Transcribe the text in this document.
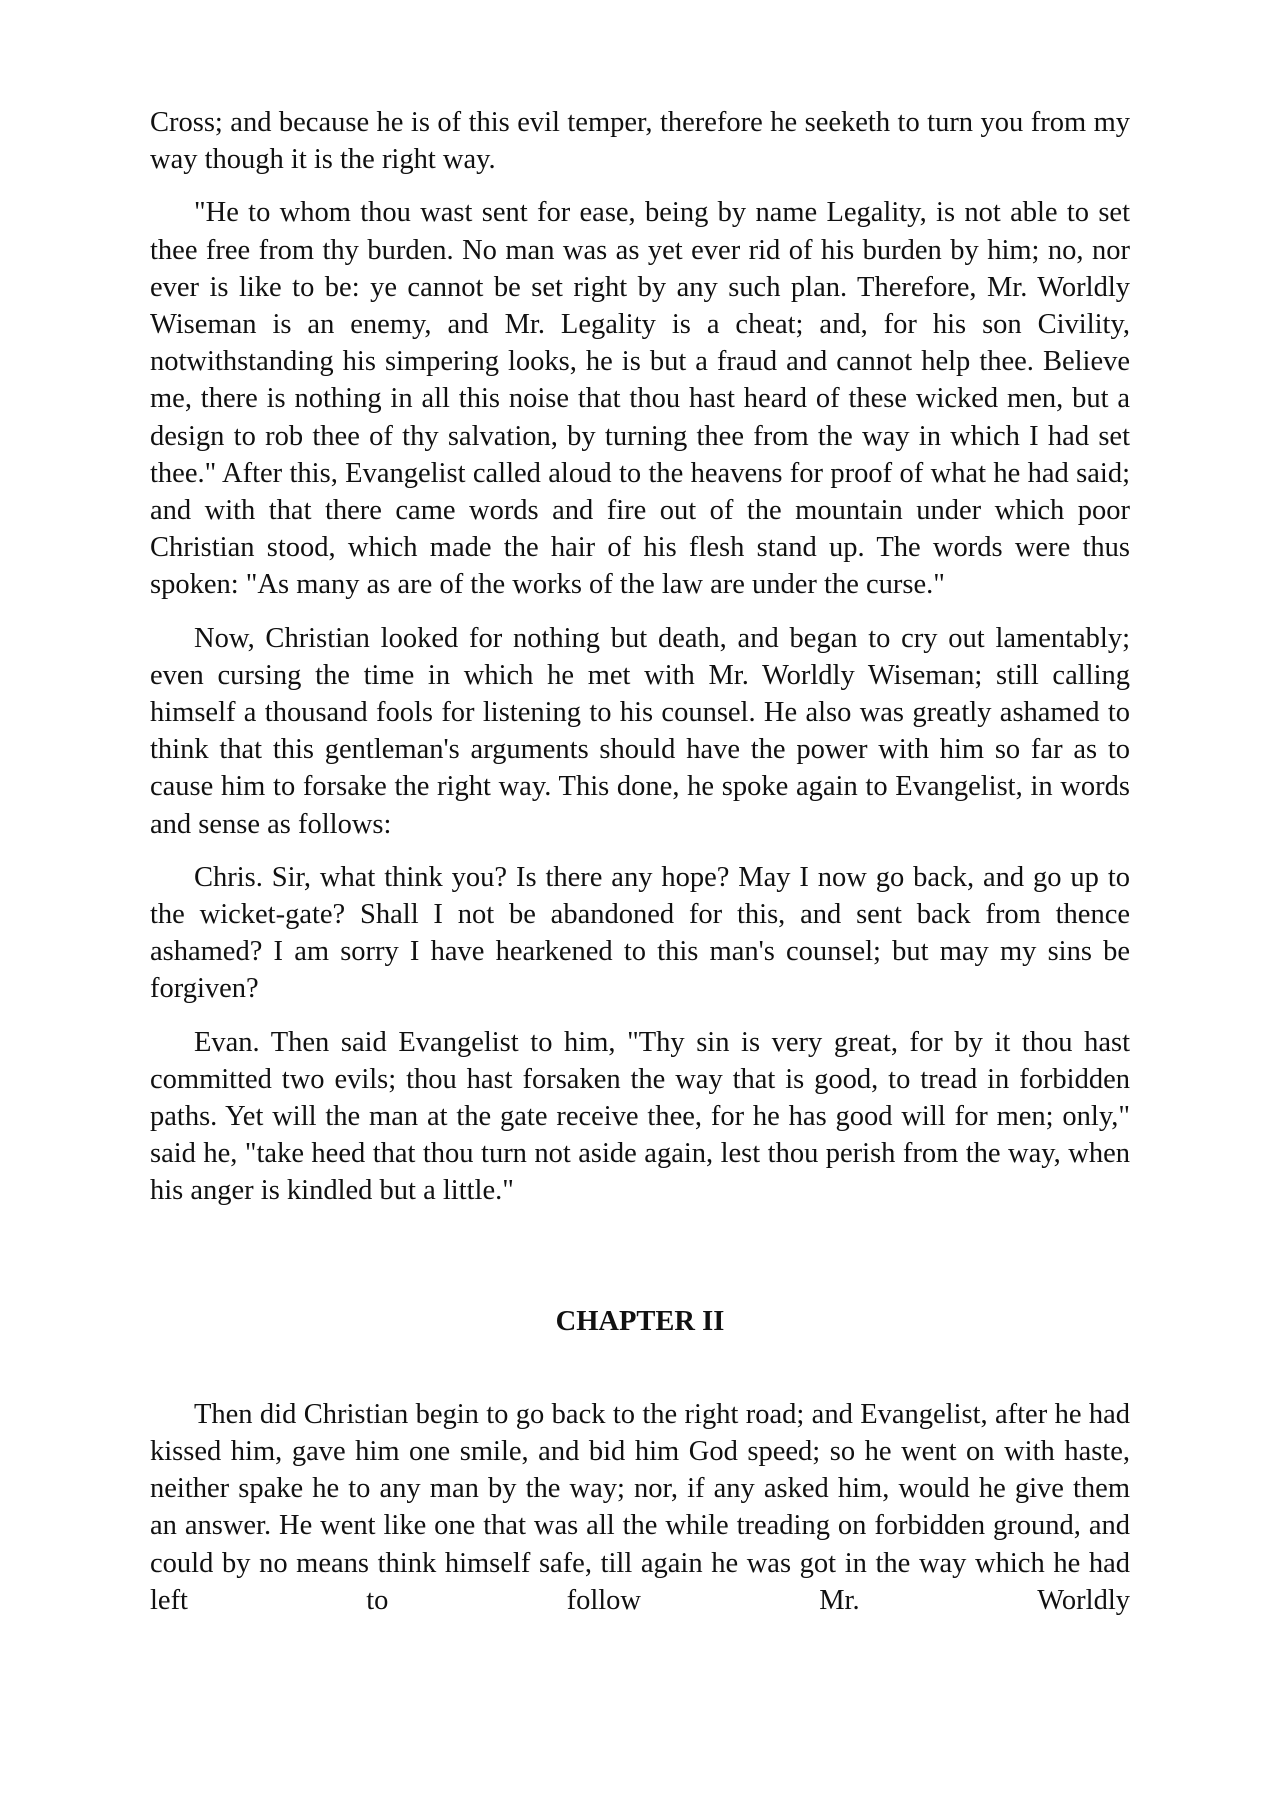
Cross; and because he is of this evil temper, therefore he seeketh to turn you from my way though it is the right way.

"He to whom thou wast sent for ease, being by name Legality, is not able to set thee free from thy burden. No man was as yet ever rid of his burden by him; no, nor ever is like to be: ye cannot be set right by any such plan. Therefore, Mr. Worldly Wiseman is an enemy, and Mr. Legality is a cheat; and, for his son Civility, notwithstanding his simpering looks, he is but a fraud and cannot help thee. Believe me, there is nothing in all this noise that thou hast heard of these wicked men, but a design to rob thee of thy salvation, by turning thee from the way in which I had set thee." After this, Evangelist called aloud to the heavens for proof of what he had said; and with that there came words and fire out of the mountain under which poor Christian stood, which made the hair of his flesh stand up. The words were thus spoken: "As many as are of the works of the law are under the curse."

Now, Christian looked for nothing but death, and began to cry out lamentably; even cursing the time in which he met with Mr. Worldly Wiseman; still calling himself a thousand fools for listening to his counsel. He also was greatly ashamed to think that this gentleman's arguments should have the power with him so far as to cause him to forsake the right way. This done, he spoke again to Evangelist, in words and sense as follows:

Chris. Sir, what think you? Is there any hope? May I now go back, and go up to the wicket-gate? Shall I not be abandoned for this, and sent back from thence ashamed? I am sorry I have hearkened to this man's counsel; but may my sins be forgiven?

Evan. Then said Evangelist to him, "Thy sin is very great, for by it thou hast committed two evils; thou hast forsaken the way that is good, to tread in forbidden paths. Yet will the man at the gate receive thee, for he has good will for men; only," said he, "take heed that thou turn not aside again, lest thou perish from the way, when his anger is kindled but a little."

CHAPTER II

Then did Christian begin to go back to the right road; and Evangelist, after he had kissed him, gave him one smile, and bid him God speed; so he went on with haste, neither spake he to any man by the way; nor, if any asked him, would he give them an answer. He went like one that was all the while treading on forbidden ground, and could by no means think himself safe, till again he was got in the way which he had left to follow Mr. Worldly
